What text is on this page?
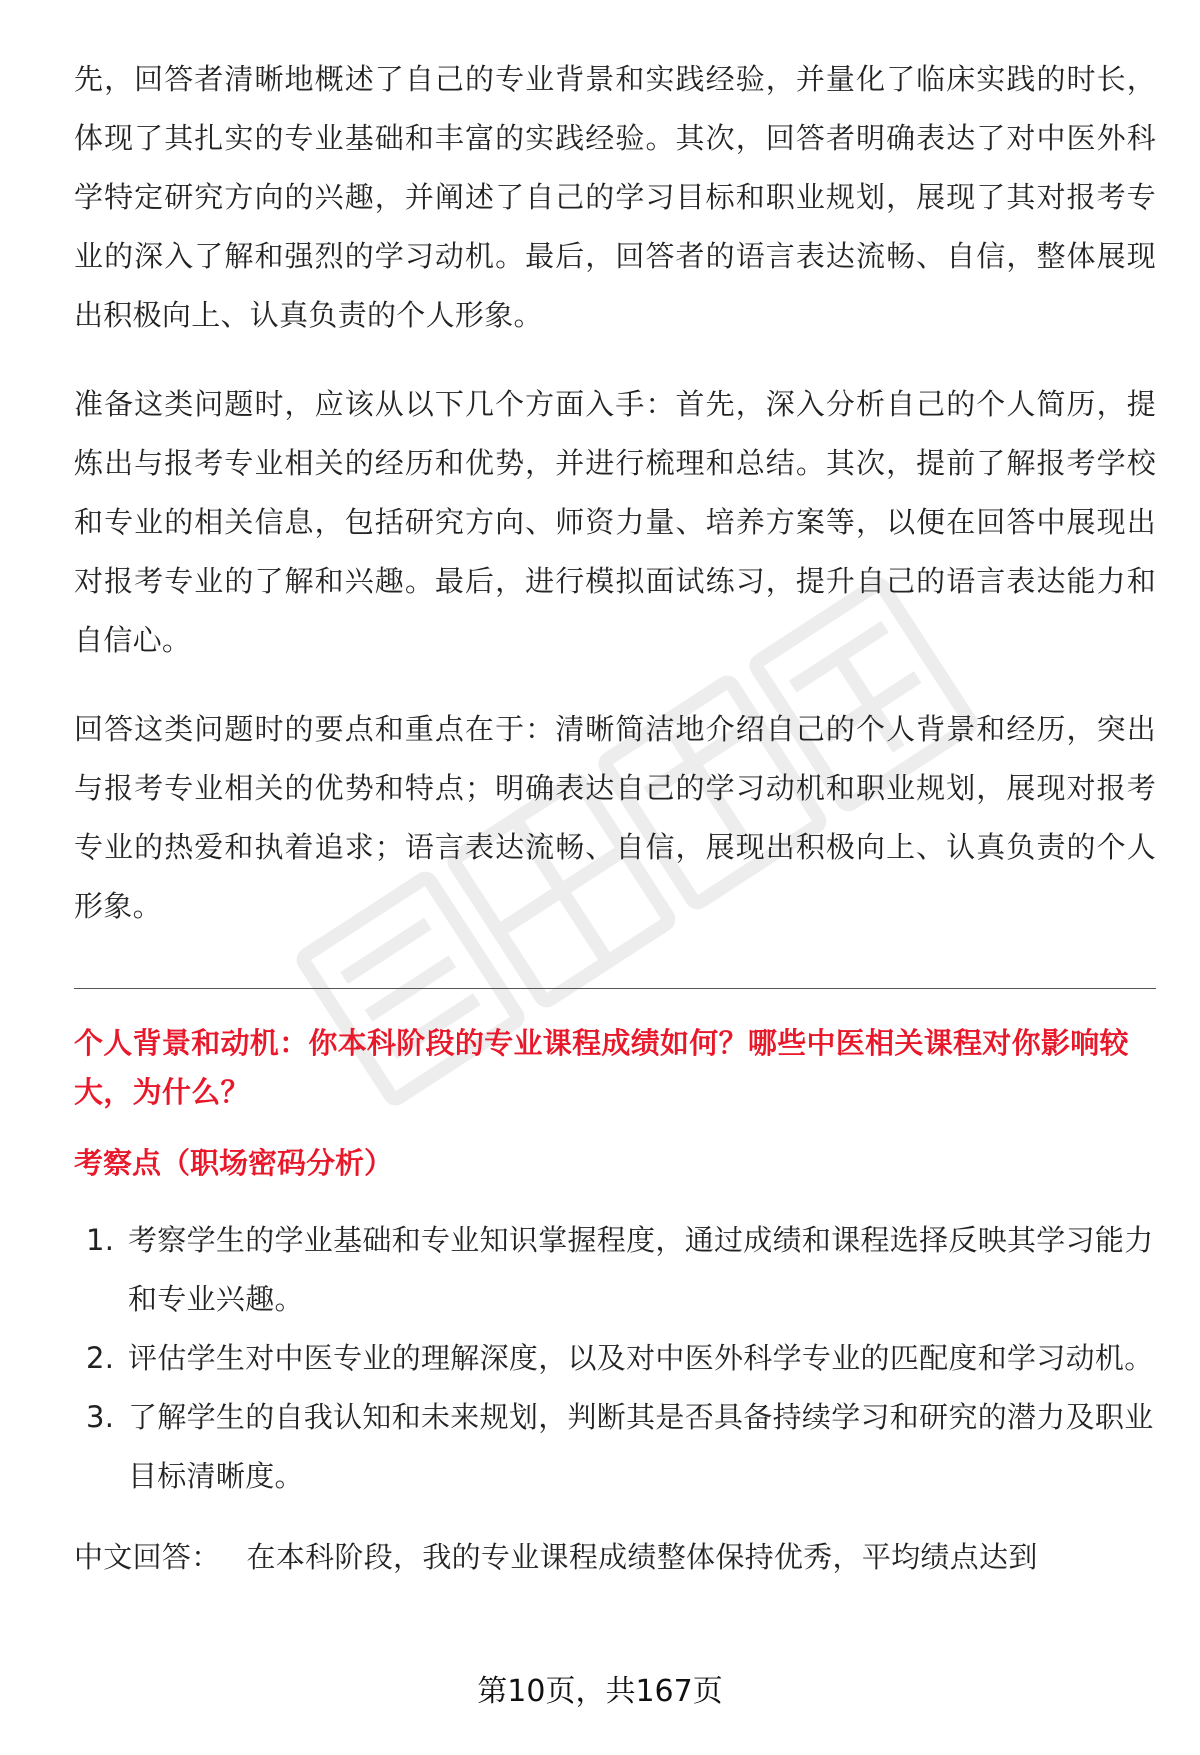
先，回答者清晰地概述了自己的专业背景和实践经验，并量化了临床实践的时长，体现了其扎实的专业基础和丰富的实践经验。其次，回答者明确表达了对中医外科学特定研究方向的兴趣，并阐述了自己的学习目标和职业规划，展现了其对报考专业的深入了解和强烈的学习动机。最后，回答者的语言表达流畅、自信，整体展现出积极向上、认真负责的个人形象。

准备这类问题时，应该从以下几个方面入手：首先，深入分析自己的个人简历，提炼出与报考专业相关的经历和优势，并进行梳理和总结。其次，提前了解报考学校和专业的相关信息，包括研究方向、师资力量、培养方案等，以便在回答中展现出对报考专业的了解和兴趣。最后，进行模拟面试练习，提升自己的语言表达能力和自信心。

回答这类问题时的要点和重点在于：清晰简洁地介绍自己的个人背景和经历，突出与报考专业相关的优势和特点；明确表达自己的学习动机和职业规划，展现对报考专业的热爱和执着追求；语言表达流畅、自信，展现出积极向上、认真负责的个人形象。

个人背景和动机：你本科阶段的专业课程成绩如何？哪些中医相关课程对你影响较大，为什么？
考察点（职场密码分析）
1. 考察学生的学业基础和专业知识掌握程度，通过成绩和课程选择反映其学习能力和专业兴趣。
2. 评估学生对中医专业的理解深度，以及对中医外科学专业的匹配度和学习动机。
3. 了解学生的自我认知和未来规划，判断其是否具备持续学习和研究的潜力及职业目标清晰度。

中文回答： 在本科阶段，我的专业课程成绩整体保持优秀，平均绩点达到

第10页，共167页
